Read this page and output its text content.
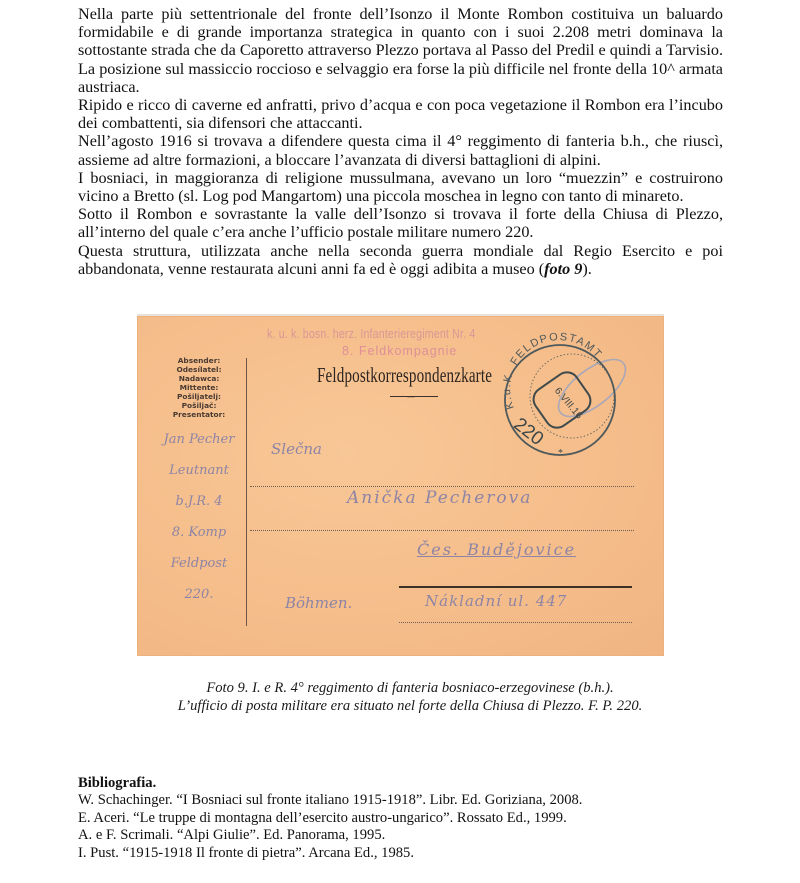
Nella parte più settentrionale del fronte dell’Isonzo il Monte Rombon costituiva un baluardo formidabile e di grande importanza strategica in quanto con i suoi 2.208 metri dominava la sottostante strada che da Caporetto attraverso Plezzo portava al Passo del Predil e quindi a Tarvisio.

La posizione sul massiccio roccioso e selvaggio era forse la più difficile nel fronte della 10^ armata austriaca.

Ripido e ricco di caverne ed anfratti, privo d’acqua e con poca vegetazione il Rombon era l’incubo dei combattenti, sia difensori che attaccanti.

Nell’agosto 1916 si trovava a difendere questa cima il 4° reggimento di fanteria b.h., che riuscì, assieme ad altre formazioni, a bloccare l’avanzata di diversi battaglioni di alpini.

I bosniaci, in maggioranza di religione mussulmana, avevano un loro “muezzin” e costruirono vicino a Bretto (sl. Log pod Mangartom) una piccola moschea in legno con tanto di minareto.

Sotto il Rombon e sovrastante la valle dell’Isonzo si trovava il forte della Chiusa di Plezzo, all’interno del quale c’era anche l’ufficio postale militare numero 220.

Questa struttura, utilizzata anche nella seconda guerra mondiale dal Regio Esercito e poi abbandonata, venne restaurata alcuni anni fa ed è oggi adibita a museo (foto 9).

k. u. k. bosn. herz. Infanterieregiment Nr. 4
8. Feldkompagnie
Feldpostkorrespondenzkarte
◦◦◦
Absender:
Odesílatel:
Nadawca:
Mittente:
Pošiljatelj:
Pošiljač:
Presentator:
K.u.K. FELDPOSTAMT
6.VIII.16
220
*
Jan Pecher
Leutnant
b.J.R. 4
8. Komp
Feldpost
220.
Slečna
Anička Pecherova
Čes. Budějovice
Böhmen.	Nákladní ul. 447
Foto 9. I. e R. 4° reggimento di fanteria bosniaco-erzegovinese (b.h.).
L’ufficio di posta militare era situato nel forte della Chiusa di Plezzo. F. P. 220.
Bibliografia.
W. Schachinger. “I Bosniaci sul fronte italiano 1915-1918”. Libr. Ed. Goriziana, 2008.
E. Aceri. “Le truppe di montagna dell’esercito austro-ungarico”. Rossato Ed., 1999.
A. e F. Scrimali. “Alpi Giulie”. Ed. Panorama, 1995.
I. Pust. “1915-1918 Il fronte di pietra”. Arcana Ed., 1985.
